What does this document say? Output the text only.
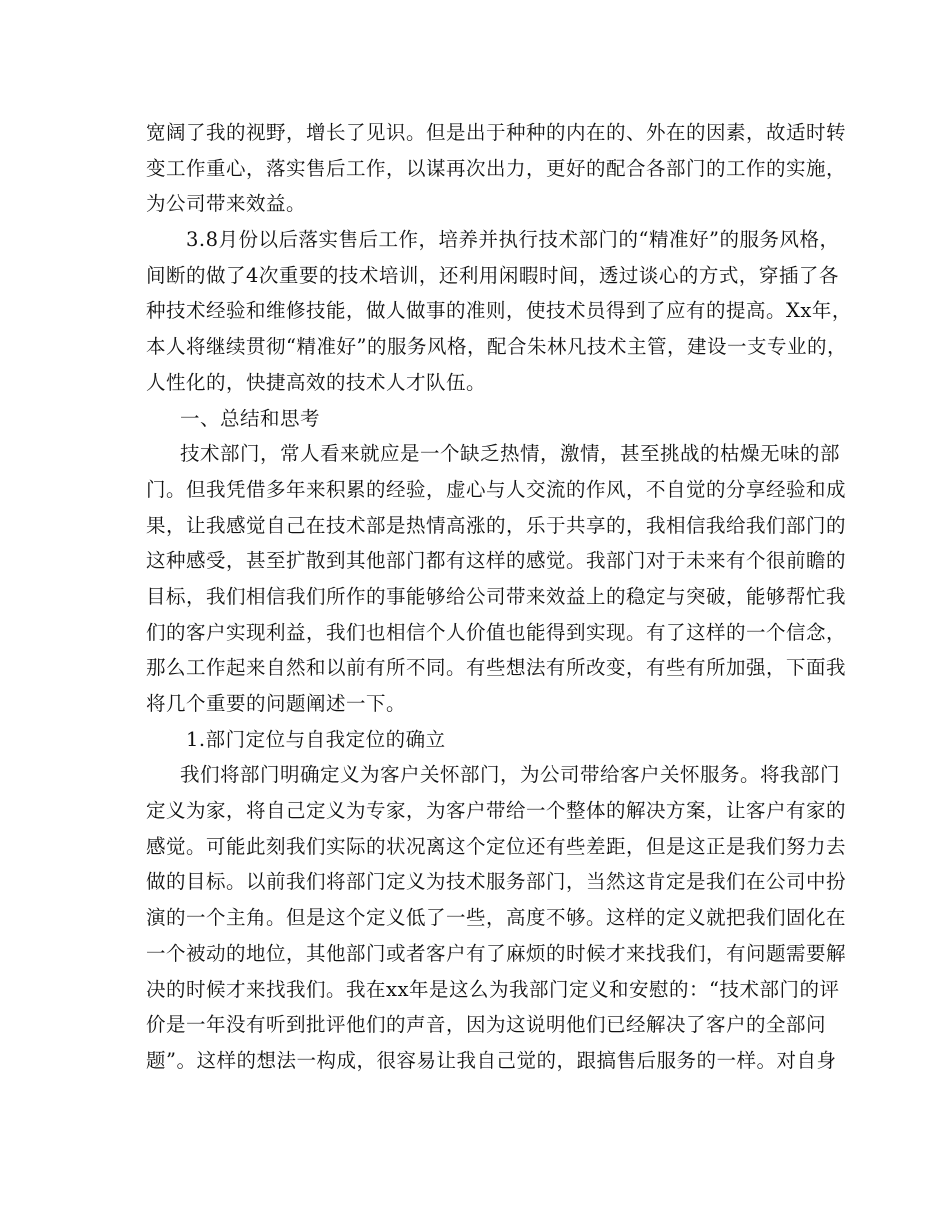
宽阔了我的视野，增长了见识。但是出于种种的内在的、外在的因素，故适时转

变工作重心，落实售后工作，以谋再次出力，更好的配合各部门的工作的实施，

为公司带来效益。

3.8月份以后落实售后工作，培养并执行技术部门的“精准好”的服务风格，

间断的做了4次重要的技术培训，还利用闲暇时间，透过谈心的方式，穿插了各

种技术经验和维修技能，做人做事的准则，使技术员得到了应有的提高。Xx年，

本人将继续贯彻“精准好”的服务风格，配合朱林凡技术主管，建设一支专业的，

人性化的，快捷高效的技术人才队伍。

一、总结和思考

技术部门，常人看来就应是一个缺乏热情，激情，甚至挑战的枯燥无味的部

门。但我凭借多年来积累的经验，虚心与人交流的作风，不自觉的分享经验和成

果，让我感觉自己在技术部是热情高涨的，乐于共享的，我相信我给我们部门的

这种感受，甚至扩散到其他部门都有这样的感觉。我部门对于未来有个很前瞻的

目标，我们相信我们所作的事能够给公司带来效益上的稳定与突破，能够帮忙我

们的客户实现利益，我们也相信个人价值也能得到实现。有了这样的一个信念，

那么工作起来自然和以前有所不同。有些想法有所改变，有些有所加强，下面我

将几个重要的问题阐述一下。

1.部门定位与自我定位的确立

我们将部门明确定义为客户关怀部门，为公司带给客户关怀服务。将我部门

定义为家，将自己定义为专家，为客户带给一个整体的解决方案，让客户有家的

感觉。可能此刻我们实际的状况离这个定位还有些差距，但是这正是我们努力去

做的目标。以前我们将部门定义为技术服务部门，当然这肯定是我们在公司中扮

演的一个主角。但是这个定义低了一些，高度不够。这样的定义就把我们固化在

一个被动的地位，其他部门或者客户有了麻烦的时候才来找我们，有问题需要解

决的时候才来找我们。我在xx年是这么为我部门定义和安慰的：“技术部门的评

价是一年没有听到批评他们的声音，因为这说明他们已经解决了客户的全部问

题”。这样的想法一构成，很容易让我自己觉的，跟搞售后服务的一样。对自身
